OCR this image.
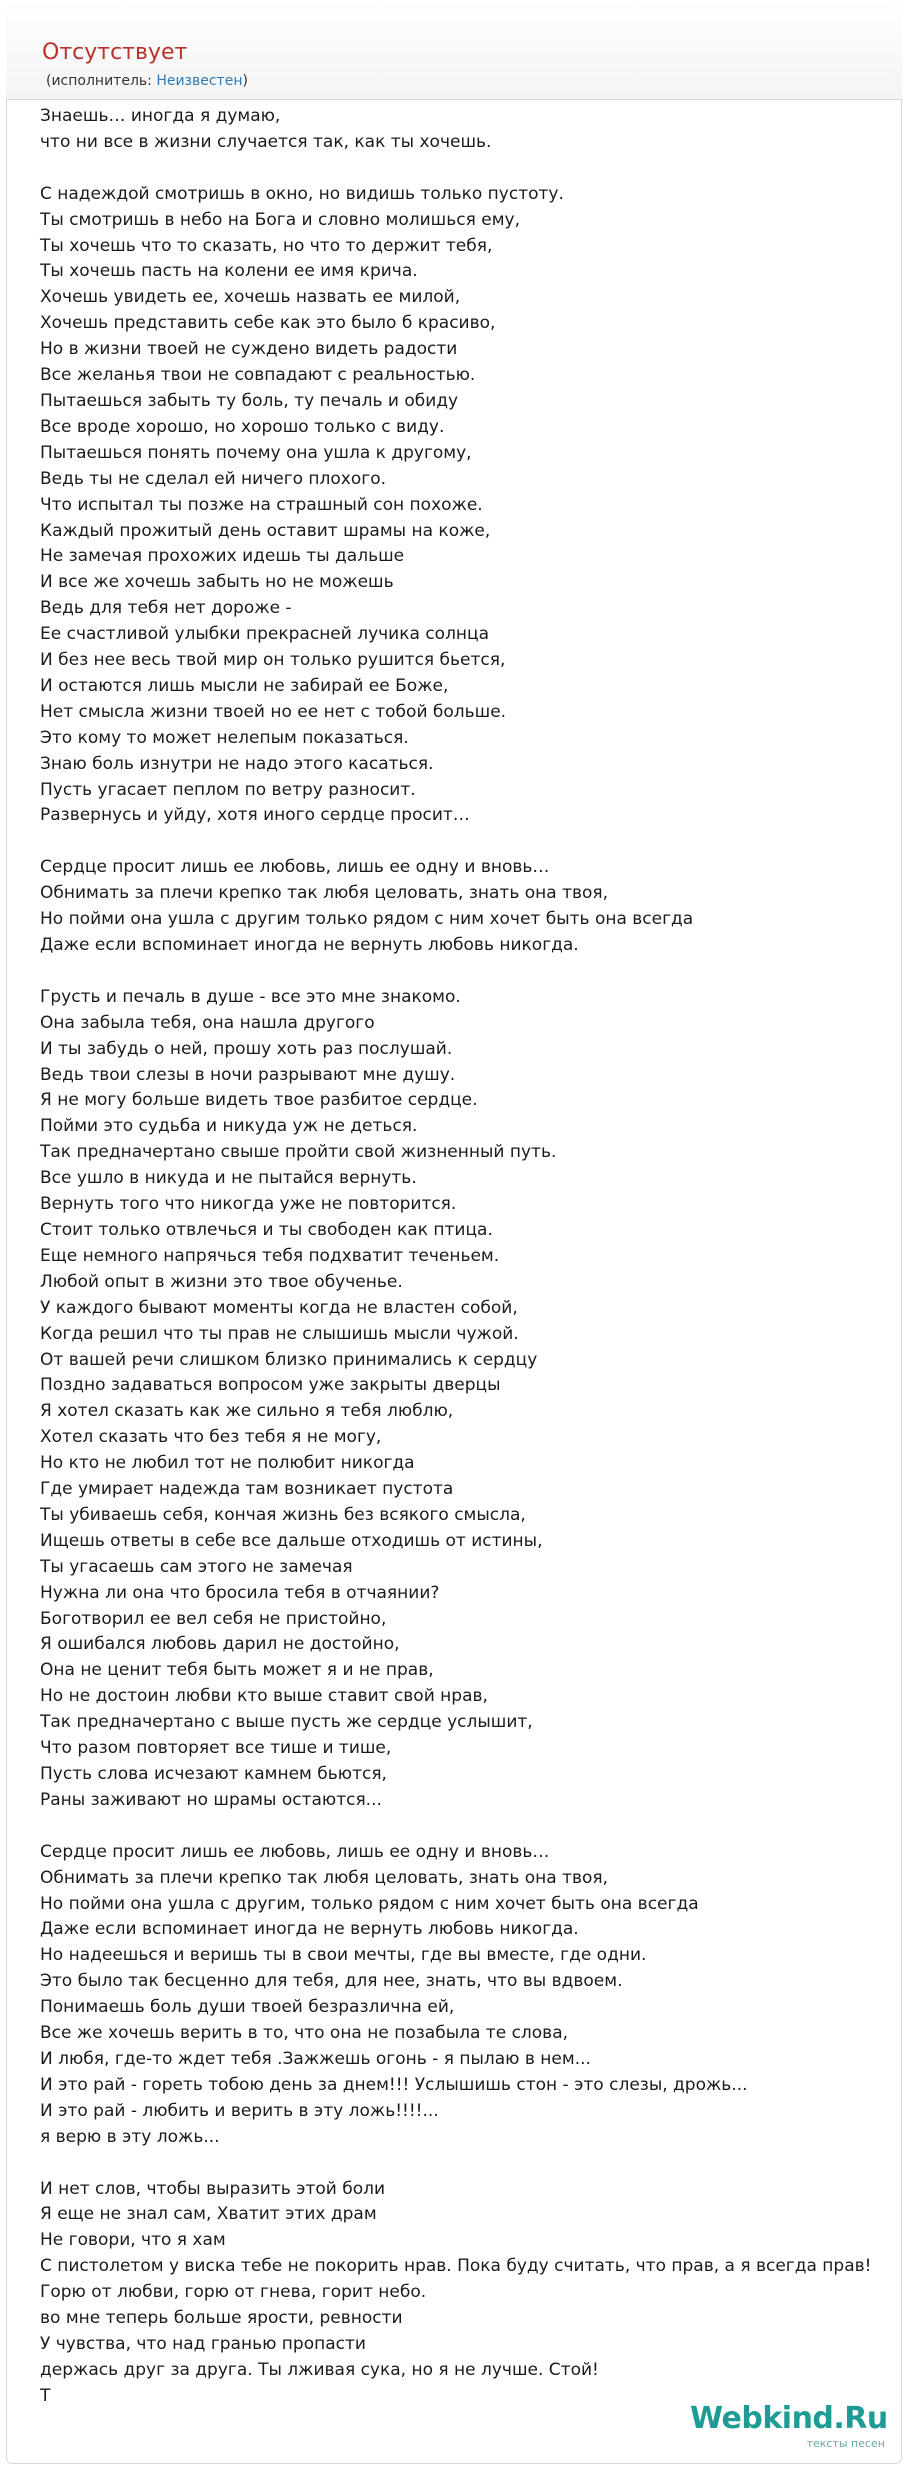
Отсутствует
(исполнитель: Неизвестен)
Знаешь… иногда я думаю,
что ни все в жизни случается так, как ты хочешь.

С надеждой смотришь в окно, но видишь только пустоту.
Ты смотришь в небо на Бога и словно молишься ему,
Ты хочешь что то сказать, но что то держит тебя,
Ты хочешь пасть на колени ее имя крича.
Хочешь увидеть ее, хочешь назвать ее милой,
Хочешь представить себе как это было б красиво,
Но в жизни твоей не суждено видеть радости
Все желанья твои не совпадают с реальностью.
Пытаешься забыть ту боль, ту печаль и обиду
Все вроде хорошо, но хорошо только с виду.
Пытаешься понять почему она ушла к другому,
Ведь ты не сделал ей ничего плохого.
Что испытал ты позже на страшный сон похоже.
Каждый прожитый день оставит шрамы на коже,
Не замечая прохожих идешь ты дальше
И все же хочешь забыть но не можешь
Ведь для тебя нет дороже -
Ее счастливой улыбки прекрасней лучика солнца
И без нее весь твой мир он только рушится бьется,
И остаются лишь мысли не забирай ее Боже,
Нет смысла жизни твоей но ее нет с тобой больше.
Это кому то может нелепым показаться.
Знаю боль изнутри не надо этого касаться.
Пусть угасает пеплом по ветру разносит.
Развернусь и уйду, хотя иного сердце просит…

Сердце просит лишь ее любовь, лишь ее одну и вновь…
Обнимать за плечи крепко так любя целовать, знать она твоя,
Но пойми она ушла с другим только рядом с ним хочет быть она всегда
Даже если вспоминает иногда не вернуть любовь никогда.

Грусть и печаль в душе - все это мне знакомо.
Она забыла тебя, она нашла другого
И ты забудь о ней, прошу хоть раз послушай.
Ведь твои слезы в ночи разрывают мне душу.
Я не могу больше видеть твое разбитое сердце.
Пойми это судьба и никуда уж не деться.
Так предначертано свыше пройти свой жизненный путь.
Все ушло в никуда и не пытайся вернуть.
Вернуть того что никогда уже не повторится.
Стоит только отвлечься и ты свободен как птица.
Еще немного напрячься тебя подхватит теченьем.
Любой опыт в жизни это твое обученье.
У каждого бывают моменты когда не властен собой,
Когда решил что ты прав не слышишь мысли чужой.
От вашей речи слишком близко принимались к сердцу
Поздно задаваться вопросом уже закрыты дверцы
Я хотел сказать как же сильно я тебя люблю,
Хотел сказать что без тебя я не могу,
Но кто не любил тот не полюбит никогда
Где умирает надежда там возникает пустота
Ты убиваешь себя, кончая жизнь без всякого смысла,
Ищешь ответы в себе все дальше отходишь от истины,
Ты угасаешь сам этого не замечая
Нужна ли она что бросила тебя в отчаянии?
Боготворил ее вел себя не пристойно,
Я ошибался любовь дарил не достойно,
Она не ценит тебя быть может я и не прав,
Но не достоин любви кто выше ставит свой нрав,
Так предначертано с выше пусть же сердце услышит,
Что разом повторяет все тише и тише,
Пусть слова исчезают камнем бьются,
Раны заживают но шрамы остаются...

Сердце просит лишь ее любовь, лишь ее одну и вновь…
Обнимать за плечи крепко так любя целовать, знать она твоя,
Но пойми она ушла с другим, только рядом с ним хочет быть она всегда
Даже если вспоминает иногда не вернуть любовь никогда.
Но надеешься и веришь ты в свои мечты, где вы вместе, где одни.
Это было так бесценно для тебя, для нее, знать, что вы вдвоем.
Понимаешь боль души твоей безразлична ей,
Все же хочешь верить в то, что она не позабыла те слова,
И любя, где-то ждет тебя .Зажжешь огонь - я пылаю в нем...
И это рай - гореть тобою день за днем!!! Услышишь стон - это слезы, дрожь...
И это рай - любить и верить в эту ложь!!!!...
я верю в эту ложь...

И нет слов, чтобы выразить этой боли
Я еще не знал сам, Хватит этих драм
Не говори, что я хам
С пистолетом у виска тебе не покорить нрав. Пока буду считать, что прав, а я всегда прав!
Горю от любви, горю от гнева, горит небо.
во мне теперь больше ярости, ревности
У чувства, что над гранью пропасти
держась друг за друга. Ты лживая сука, но я не лучше. Стой!
Т
Webkind.Ru
тексты песен
